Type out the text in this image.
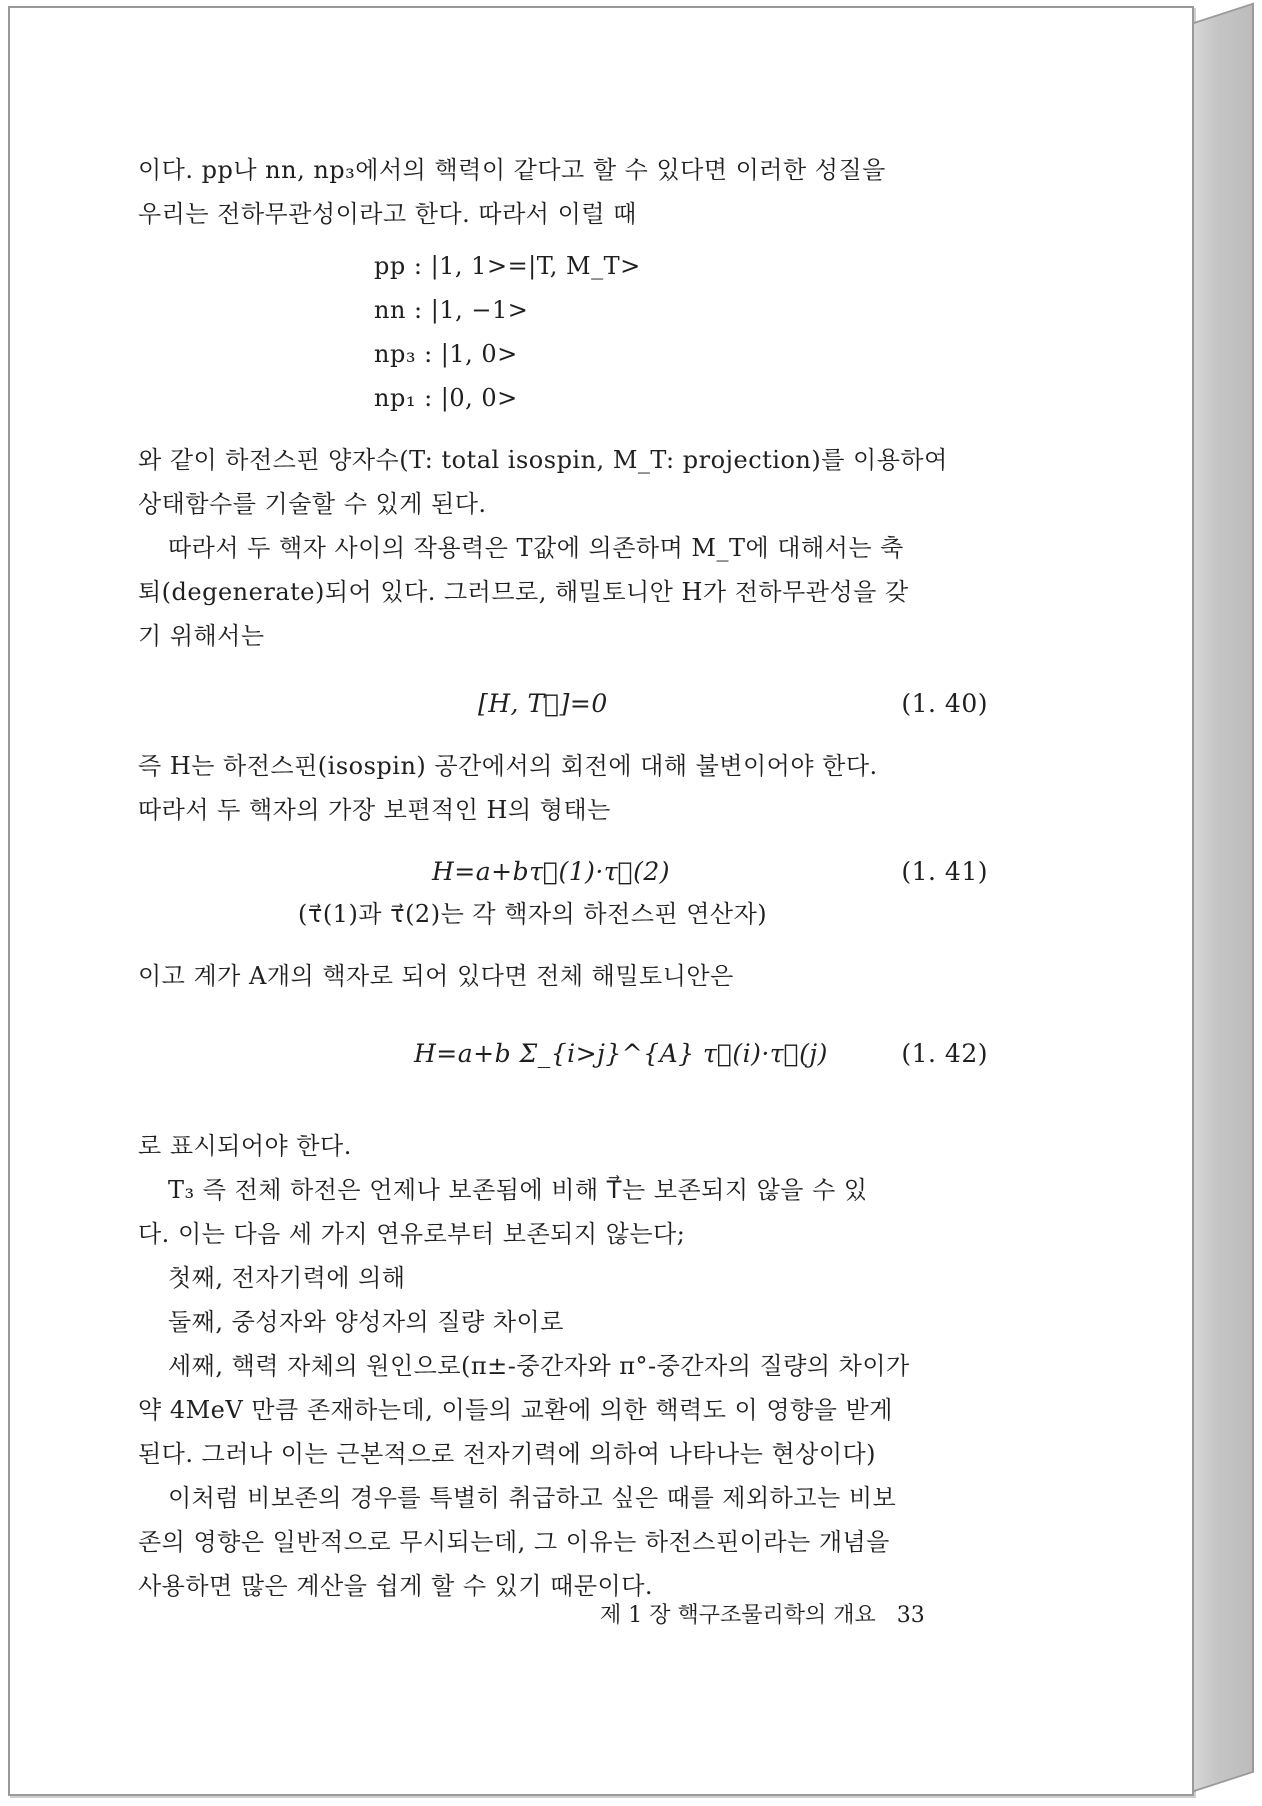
이다. pp나 nn, np₃에서의 핵력이 같다고 할 수 있다면 이러한 성질을
우리는 전하무관성이라고 한다. 따라서 이럴 때
pp : |1, 1>=|T, M_T>
nn : |1, −1>
np₃ : |1, 0>
np₁ : |0, 0>
와 같이 하전스핀 양자수(T: total isospin, M_T: projection)를 이용하여
상태함수를 기술할 수 있게 된다.
따라서 두 핵자 사이의 작용력은 T값에 의존하며 M_T에 대해서는 축
퇴(degenerate)되어 있다. 그러므로, 해밀토니안 H가 전하무관성을 갖
기 위해서는
[H, T⃗]=0	(1. 40)
즉 H는 하전스핀(isospin) 공간에서의 회전에 대해 불변이어야 한다.
따라서 두 핵자의 가장 보편적인 H의 형태는
H=a+bτ⃗(1)·τ⃗(2)	(1. 41)
(τ⃗(1)과 τ⃗(2)는 각 핵자의 하전스핀 연산자)
이고 계가 A개의 핵자로 되어 있다면 전체 해밀토니안은
H=a+b Σ_{i>j}^{A} τ⃗(i)·τ⃗(j)	(1. 42)
로 표시되어야 한다.
T₃ 즉 전체 하전은 언제나 보존됨에 비해 T⃗는 보존되지 않을 수 있
다. 이는 다음 세 가지 연유로부터 보존되지 않는다;
첫째, 전자기력에 의해
둘째, 중성자와 양성자의 질량 차이로
세째, 핵력 자체의 원인으로(π±-중간자와 π°-중간자의 질량의 차이가
약 4MeV 만큼 존재하는데, 이들의 교환에 의한 핵력도 이 영향을 받게
된다. 그러나 이는 근본적으로 전자기력에 의하여 나타나는 현상이다)
이처럼 비보존의 경우를 특별히 취급하고 싶은 때를 제외하고는 비보
존의 영향은 일반적으로 무시되는데, 그 이유는 하전스핀이라는 개념을
사용하면 많은 계산을 쉽게 할 수 있기 때문이다.
제 1 장 핵구조물리학의 개요 33
